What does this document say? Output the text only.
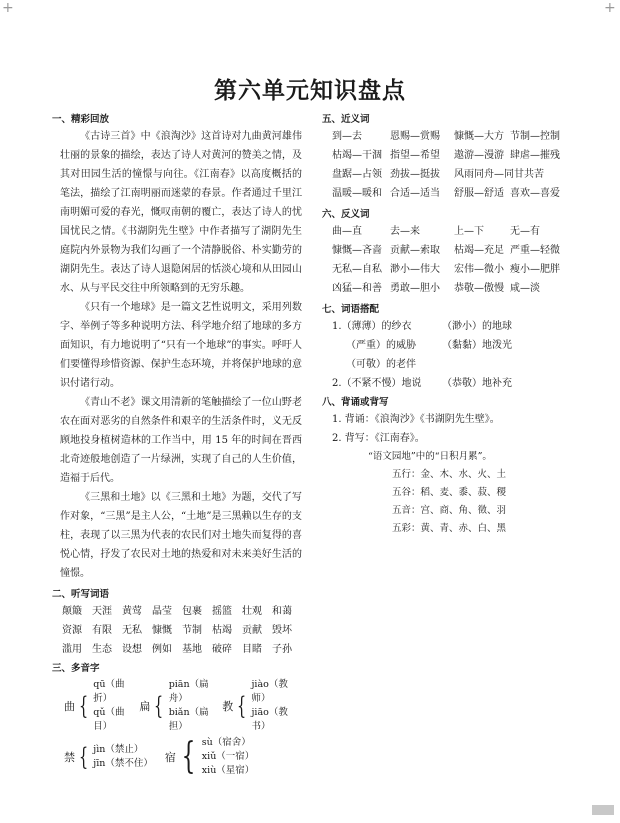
+	+
第六单元知识盘点
一、精彩回放

《古诗三首》中《浪淘沙》这首诗对九曲黄河雄伟壮丽的景象的描绘，表达了诗人对黄河的赞美之情，及其对田园生活的憧憬与向往。《江南春》以高度概括的笔法，描绘了江南明丽而迷蒙的春景。作者通过千里江南明媚可爱的春光，慨叹南朝的覆亡，表达了诗人的忧国忧民之情。《书湖阴先生壁》中作者描写了湖阴先生庭院内外景物为我们勾画了一个清静脱俗、朴实勤劳的湖阴先生。表达了诗人退隐闲居的恬淡心境和从田园山水、从与平民交往中所领略到的无穷乐趣。

《只有一个地球》是一篇文艺性说明文，采用列数字、举例子等多种说明方法、科学地介绍了地球的多方面知识，有力地说明了“只有一个地球”的事实。呼吁人们要懂得珍惜资源、保护生态环境，并将保护地球的意识付诸行动。

《青山不老》课文用清新的笔触描绘了一位山野老农在面对恶劣的自然条件和艰辛的生活条件时，义无反顾地投身植树造林的工作当中，用 15 年的时间在晋西北奇迹般地创造了一片绿洲，实现了自己的人生价值，造福于后代。

《三黑和土地》以《三黑和土地》为题，交代了写作对象，“三黑”是主人公，“土地”是三黑赖以生存的支柱，表现了以三黑为代表的农民们对土地失而复得的喜悦心情，抒发了农民对土地的热爱和对未来美好生活的憧憬。

二、听写词语
颠簸	天涯	黄莺	晶莹	包裹	摇篮	壮观	和蔼
资源	有限	无私	慷慨	节制	枯竭	贡献	毁坏
滥用	生态	设想	例如	基地	破碎	目睹	子孙
三、多音字
曲 {
qū（曲折）
qǔ（曲目）
扁 {
piān（扁舟）
biǎn（扁担）
教 {
jiào（教师）
jiāo（教书）
禁 { jìn（禁止）
jīn（禁不住） 宿 { sù（宿舍）
xiǔ（一宿）
xiù（星宿）
五、近义词
到—去	恩赐—赏赐	慷慨—大方 节制—控制
枯竭—干涸 指望—希望	遨游—漫游 肆虐—摧残
盘踞—占领 劲拔—挺拔	风雨同舟—同甘共苦
温暖—暖和 合适—适当	舒服—舒适 喜欢—喜爱
六、反义词
曲—直	去—来	上—下	无—有
慷慨—吝啬 贡献—索取	枯竭—充足 严重—轻微
无私—自私 渺小—伟大	宏伟—微小 瘦小—肥胖
凶猛—和善 勇敢—胆小	恭敬—傲慢 咸—淡
七、词语搭配
1.（薄薄）的纱衣	（渺小）的地球
（严重）的威胁	（黏黏）地泼光
（可敬）的老伴
2.（不紧不慢）地说	（恭敬）地补充
八、背诵或背写
1. 背诵：《浪淘沙》《书湖阴先生壁》。
2. 背写：《江南春》。
“语文园地”中的“日积月累”。
五行：金、木、水、火、土
五谷：稻、麦、黍、菽、稷
五音：宫、商、角、徵、羽
五彩：黄、青、赤、白、黑
